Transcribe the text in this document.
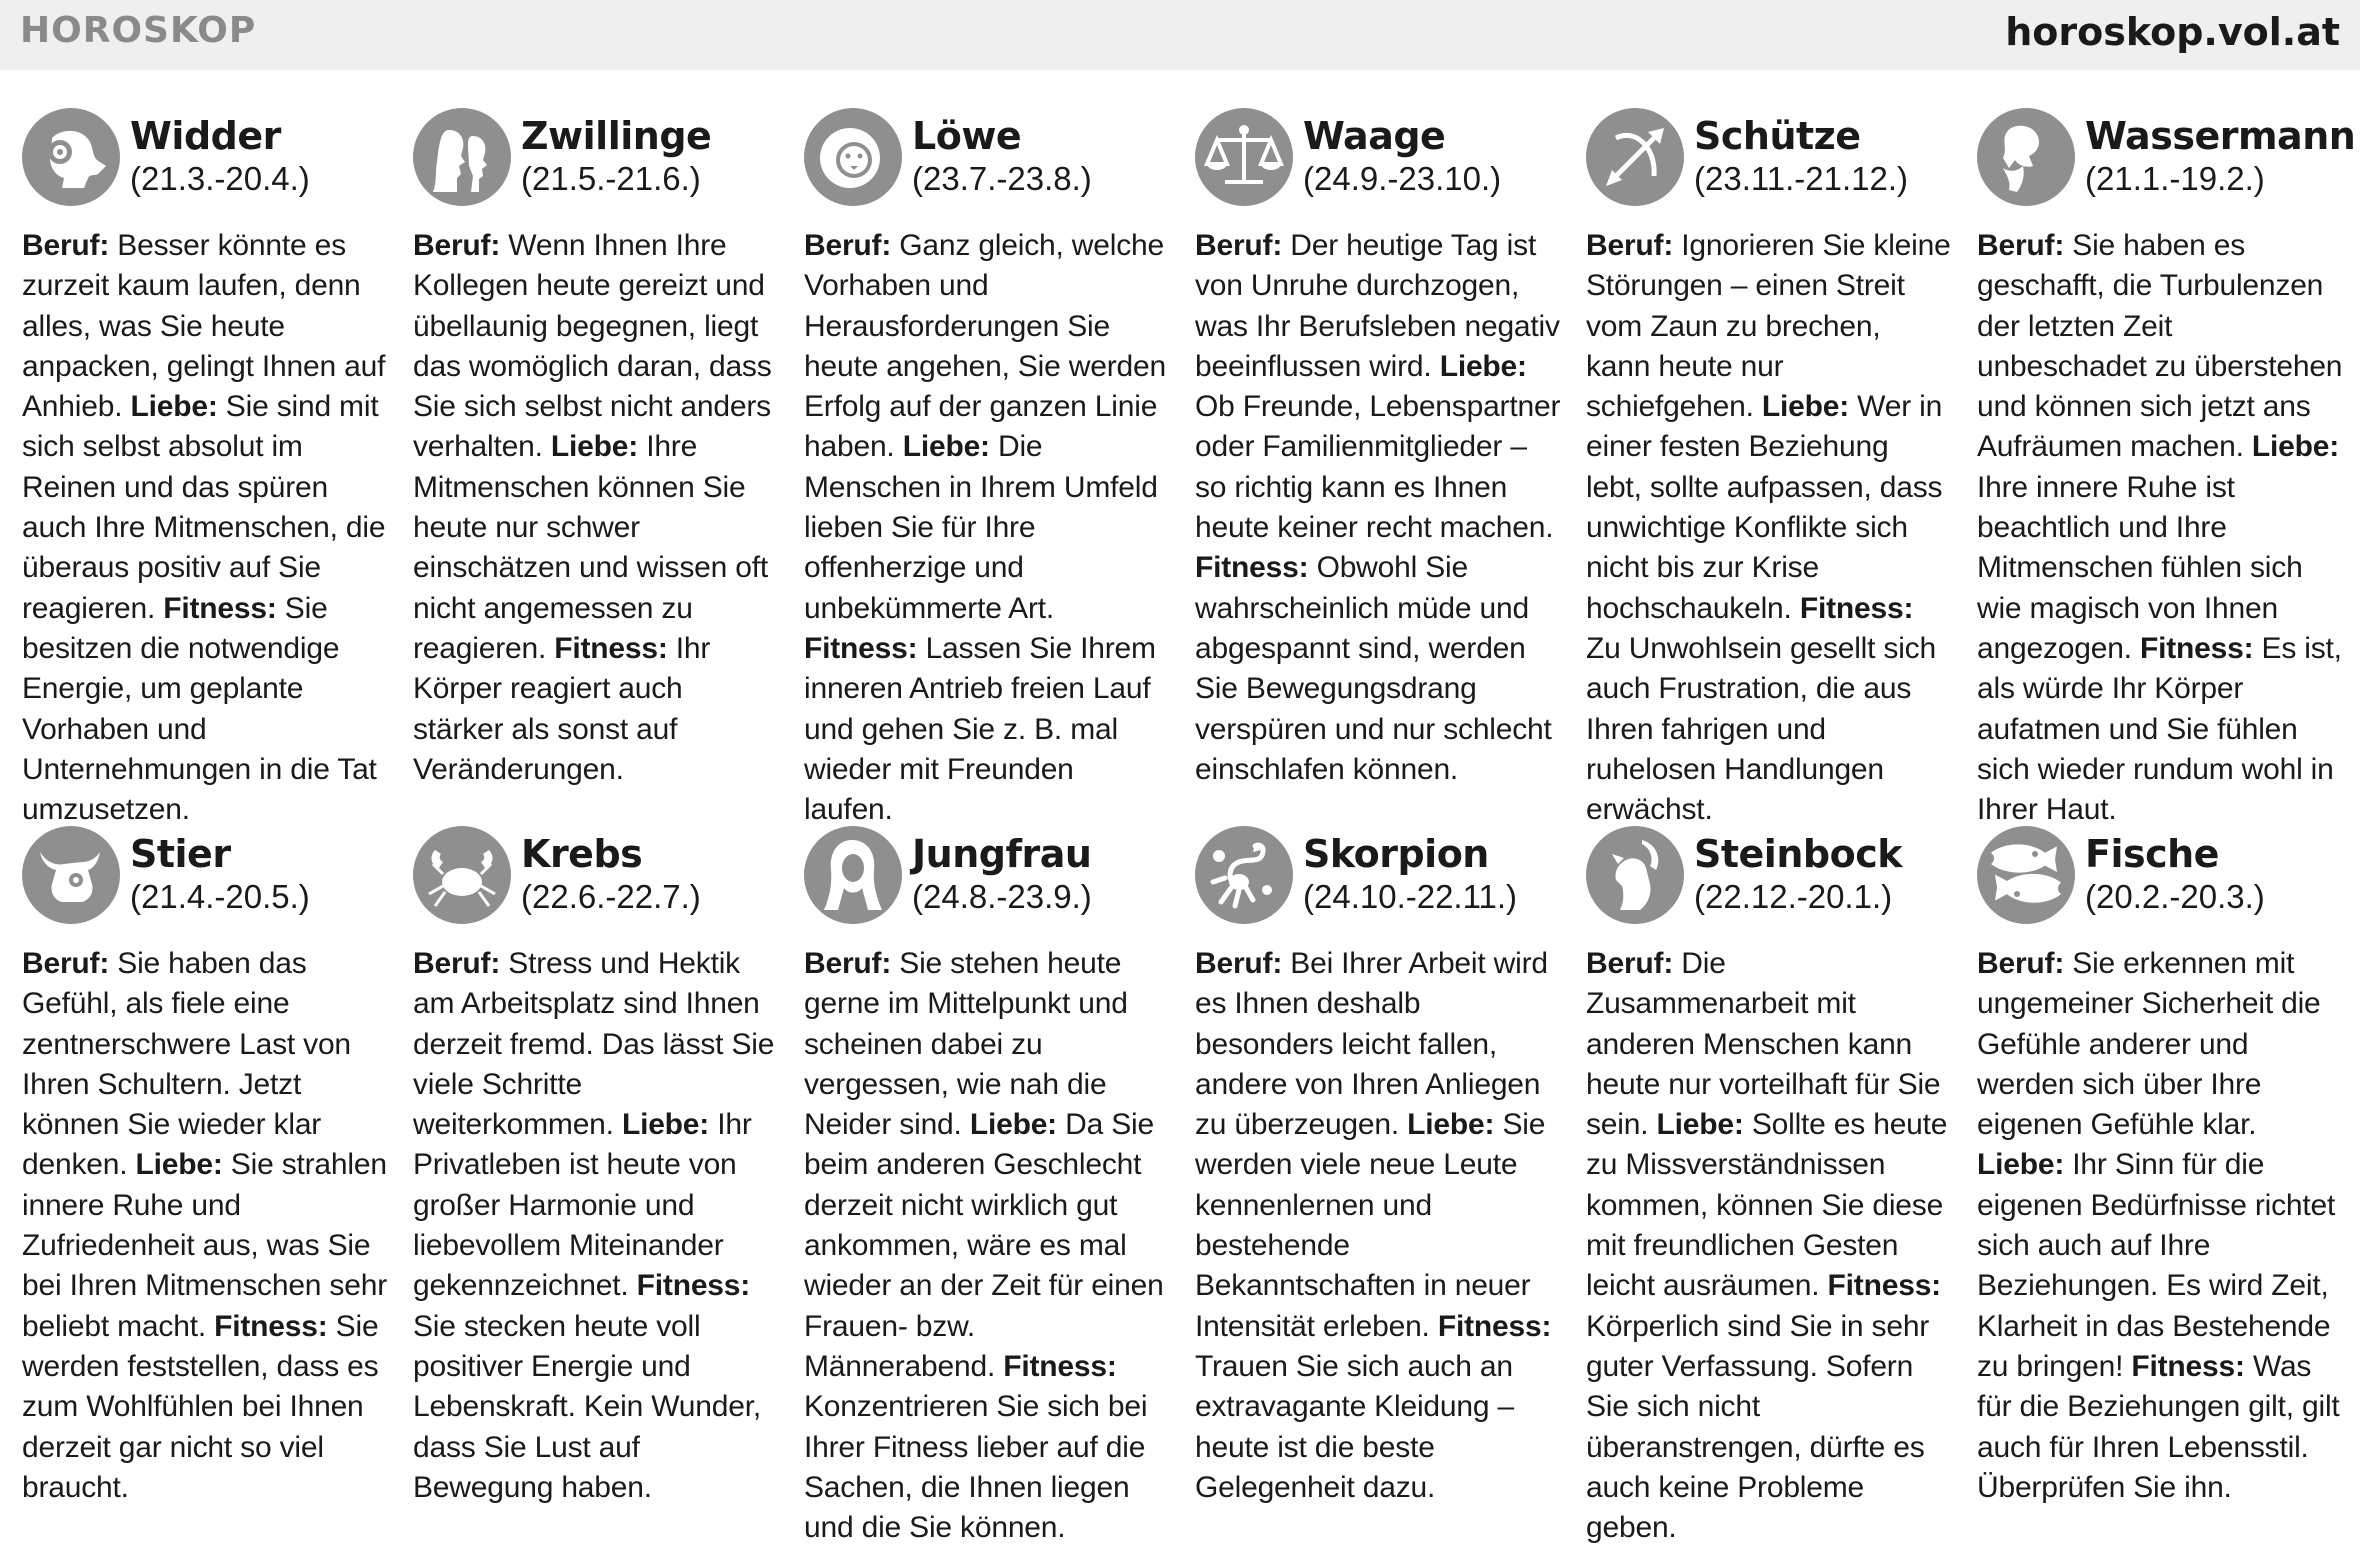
HOROSKOP	horoskop.vol.at
Widder
(21.3.-20.4.)
Beruf: Besser könnte es zurzeit kaum laufen, denn alles, was Sie heute anpacken, gelingt Ihnen auf Anhieb. Liebe: Sie sind mit sich selbst absolut im Reinen und das spüren auch Ihre Mitmenschen, die überaus positiv auf Sie reagieren. Fitness: Sie besitzen die notwendige Energie, um geplante Vorhaben und Unternehmungen in die Tat umzusetzen.
Zwillinge
(21.5.-21.6.)
Beruf: Wenn Ihnen Ihre Kollegen heute gereizt und übellaunig begegnen, liegt das womöglich daran, dass Sie sich selbst nicht anders verhalten. Liebe: Ihre Mitmenschen können Sie heute nur schwer einschätzen und wissen oft nicht angemessen zu reagieren. Fitness: Ihr Körper reagiert auch stärker als sonst auf Veränderungen.
Löwe
(23.7.-23.8.)
Beruf: Ganz gleich, welche Vorhaben und Herausforderungen Sie heute angehen, Sie werden Erfolg auf der ganzen Linie haben. Liebe: Die Menschen in Ihrem Umfeld lieben Sie für Ihre offenherzige und unbekümmerte Art. Fitness: Lassen Sie Ihrem inneren Antrieb freien Lauf und gehen Sie z. B. mal wieder mit Freunden laufen.
Waage
(24.9.-23.10.)
Beruf: Der heutige Tag ist von Unruhe durchzogen, was Ihr Berufsleben negativ beeinflussen wird. Liebe: Ob Freunde, Lebenspartner oder Familienmitglieder – so richtig kann es Ihnen heute keiner recht machen. Fitness: Obwohl Sie wahrscheinlich müde und abgespannt sind, werden Sie Bewegungsdrang verspüren und nur schlecht einschlafen können.
Schütze
(23.11.-21.12.)
Beruf: Ignorieren Sie kleine Störungen – einen Streit vom Zaun zu brechen, kann heute nur schiefgehen. Liebe: Wer in einer festen Beziehung lebt, sollte aufpassen, dass unwichtige Konflikte sich nicht bis zur Krise hochschaukeln. Fitness: Zu Unwohlsein gesellt sich auch Frustration, die aus Ihren fahrigen und ruhelosen Handlungen erwächst.
Wassermann
(21.1.-19.2.)
Beruf: Sie haben es geschafft, die Turbulenzen der letzten Zeit unbeschadet zu überstehen und können sich jetzt ans Aufräumen machen. Liebe: Ihre innere Ruhe ist beachtlich und Ihre Mitmenschen fühlen sich wie magisch von Ihnen angezogen. Fitness: Es ist, als würde Ihr Körper aufatmen und Sie fühlen sich wieder rundum wohl in Ihrer Haut.
Stier
(21.4.-20.5.)
Beruf: Sie haben das Gefühl, als fiele eine zentnerschwere Last von Ihren Schultern. Jetzt können Sie wieder klar denken. Liebe: Sie strahlen innere Ruhe und Zufriedenheit aus, was Sie bei Ihren Mitmenschen sehr beliebt macht. Fitness: Sie werden feststellen, dass es zum Wohlfühlen bei Ihnen derzeit gar nicht so viel braucht.
Krebs
(22.6.-22.7.)
Beruf: Stress und Hektik am Arbeitsplatz sind Ihnen derzeit fremd. Das lässt Sie viele Schritte weiterkommen. Liebe: Ihr Privatleben ist heute von großer Harmonie und liebevollem Miteinander gekennzeichnet. Fitness: Sie stecken heute voll positiver Energie und Lebenskraft. Kein Wunder, dass Sie Lust auf Bewegung haben.
Jungfrau
(24.8.-23.9.)
Beruf: Sie stehen heute gerne im Mittelpunkt und scheinen dabei zu vergessen, wie nah die Neider sind. Liebe: Da Sie beim anderen Geschlecht derzeit nicht wirklich gut ankommen, wäre es mal wieder an der Zeit für einen Frauen- bzw. Männerabend. Fitness: Konzentrieren Sie sich bei Ihrer Fitness lieber auf die Sachen, die Ihnen liegen und die Sie können.
Skorpion
(24.10.-22.11.)
Beruf: Bei Ihrer Arbeit wird es Ihnen deshalb besonders leicht fallen, andere von Ihren Anliegen zu überzeugen. Liebe: Sie werden viele neue Leute kennenlernen und bestehende Bekanntschaften in neuer Intensität erleben. Fitness: Trauen Sie sich auch an extravagante Kleidung – heute ist die beste Gelegenheit dazu.
Steinbock
(22.12.-20.1.)
Beruf: Die Zusammenarbeit mit anderen Menschen kann heute nur vorteilhaft für Sie sein. Liebe: Sollte es heute zu Missverständnissen kommen, können Sie diese mit freundlichen Gesten leicht ausräumen. Fitness: Körperlich sind Sie in sehr guter Verfassung. Sofern Sie sich nicht überanstrengen, dürfte es auch keine Probleme geben.
Fische
(20.2.-20.3.)
Beruf: Sie erkennen mit ungemeiner Sicherheit die Gefühle anderer und werden sich über Ihre eigenen Gefühle klar. Liebe: Ihr Sinn für die eigenen Bedürfnisse richtet sich auch auf Ihre Beziehungen. Es wird Zeit, Klarheit in das Bestehende zu bringen! Fitness: Was für die Beziehungen gilt, gilt auch für Ihren Lebensstil. Überprüfen Sie ihn.
